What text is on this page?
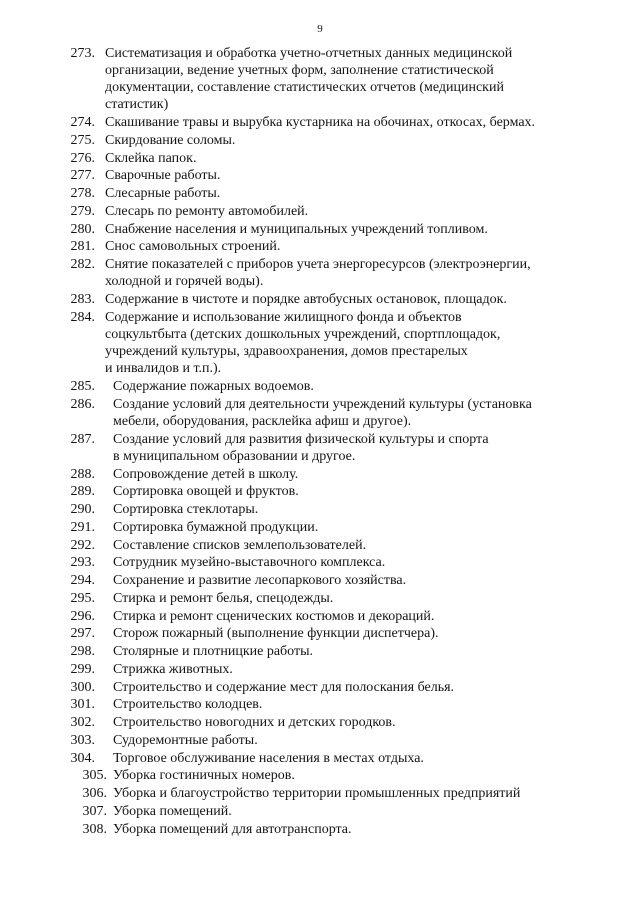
9
273. Систематизация и обработка учетно-отчетных данных медицинской
организации, ведение учетных форм, заполнение статистической
документации, составление статистических отчетов (медицинский
статистик)
274. Скашивание травы и вырубка кустарника на обочинах, откосах, бермах.
275. Скирдование соломы.
276. Склейка папок.
277. Сварочные работы.
278. Слесарные работы.
279. Слесарь по ремонту автомобилей.
280. Снабжение населения и муниципальных учреждений топливом.
281. Снос самовольных строений.
282. Снятие показателей с приборов учета энергоресурсов (электроэнергии,
холодной и горячей воды).
283. Содержание в чистоте и порядке автобусных остановок, площадок.
284. Содержание и использование жилищного фонда и объектов
соцкультбыта (детских дошкольных учреждений, спортплощадок,
учреждений культуры, здравоохранения, домов престарелых
и инвалидов и т.п.).
285. Содержание пожарных водоемов.
286. Создание условий для деятельности учреждений культуры (установка
мебели, оборудования, расклейка афиш и другое).
287. Создание условий для развития физической культуры и спорта
в муниципальном образовании и другое.
288. Сопровождение детей в школу.
289. Сортировка овощей и фруктов.
290. Сортировка стеклотары.
291. Сортировка бумажной продукции.
292. Составление списков землепользователей.
293. Сотрудник музейно-выставочного комплекса.
294. Сохранение и развитие лесопаркового хозяйства.
295. Стирка и ремонт белья, спецодежды.
296. Стирка и ремонт сценических костюмов и декораций.
297. Сторож пожарный (выполнение функции диспетчера).
298. Столярные и плотницкие работы.
299. Стрижка животных.
300. Строительство и содержание мест для полоскания белья.
301. Строительство колодцев.
302. Строительство новогодних и детских городков.
303. Судоремонтные работы.
304. Торговое обслуживание населения в местах отдыха.
305. Уборка гостиничных номеров.
306. Уборка и благоустройство территории промышленных предприятий
307. Уборка помещений.
308. Уборка помещений для автотранспорта.
